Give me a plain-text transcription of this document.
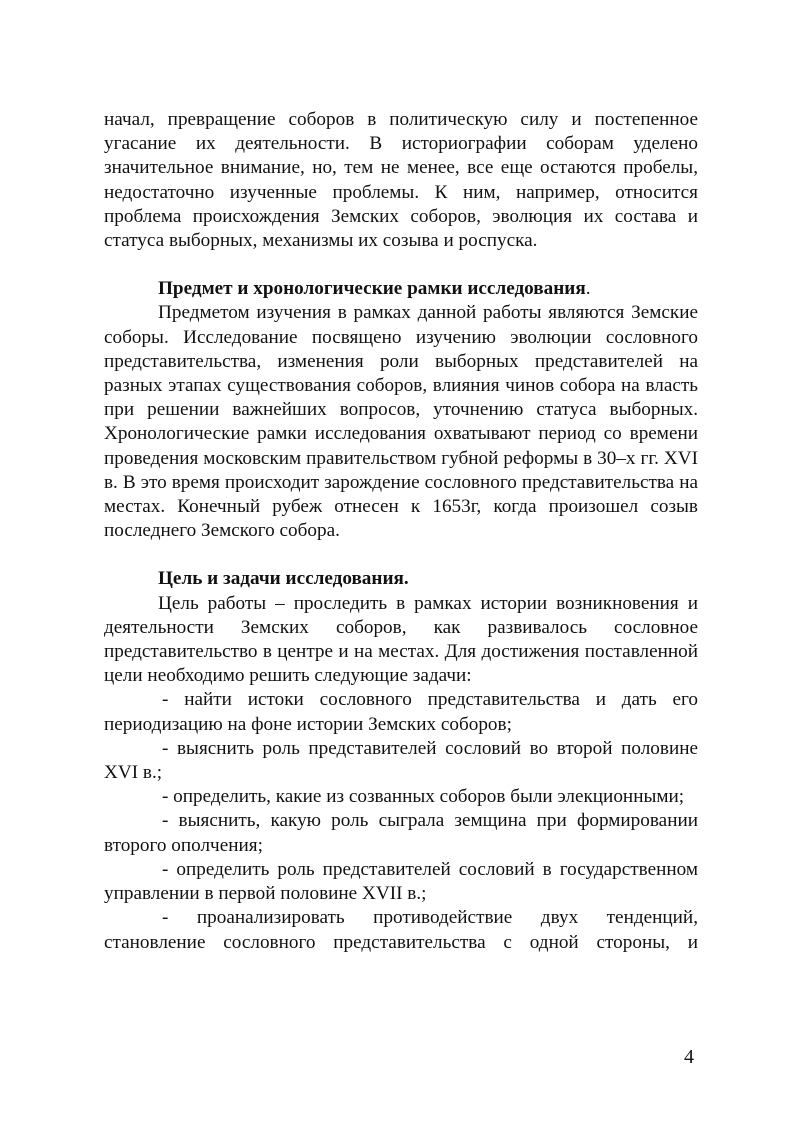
начал, превращение соборов в политическую силу и постепенное угасание их деятельности. В историографии соборам уделено значительное внимание, но, тем не менее, все еще остаются пробелы, недостаточно изученные проблемы. К ним, например, относится проблема происхождения Земских соборов, эволюция их состава и статуса выборных, механизмы их созыва и роспуска.

Предмет и хронологические рамки исследования.

Предметом изучения в рамках данной работы являются Земские соборы. Исследование посвящено изучению эволюции сословного представительства, изменения роли выборных представителей на разных этапах существования соборов, влияния чинов собора на власть при решении важнейших вопросов, уточнению статуса выборных. Хронологические рамки исследования охватывают период со времени проведения московским правительством губной реформы в 30–х гг. XVI в. В это время происходит зарождение сословного представительства на местах. Конечный рубеж отнесен к 1653г, когда произошел созыв последнего Земского собора.

Цель и задачи исследования.

Цель работы – проследить в рамках истории возникновения и деятельности Земских соборов, как развивалось сословное представительство в центре и на местах. Для достижения поставленной цели необходимо решить следующие задачи:

- найти истоки сословного представительства и дать его периодизацию на фоне истории Земских соборов;

- выяснить роль представителей сословий во второй половине XVI в.;

- определить, какие из созванных соборов были элекционными;

- выяснить, какую роль сыграла земщина при формировании второго ополчения;

- определить роль представителей сословий в государственном управлении в первой половине XVII в.;

- проанализировать противодействие двух тенденций, становление сословного представительства с одной стороны, и

4
